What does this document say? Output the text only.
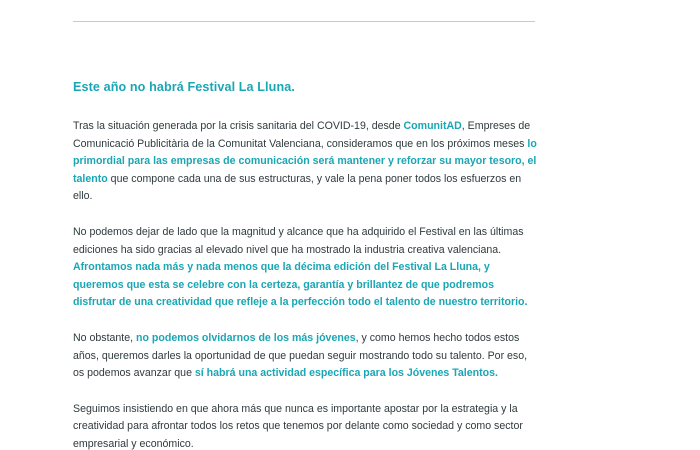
Este año no habrá Festival La Lluna.

Tras la situación generada por la crisis sanitaria del COVID-19, desde ComunitAD, Empreses de Comunicació Publicitària de la Comunitat Valenciana, consideramos que en los próximos meses lo primordial para las empresas de comunicación será mantener y reforzar su mayor tesoro, el talento que compone cada una de sus estructuras, y vale la pena poner todos los esfuerzos en ello.

No podemos dejar de lado que la magnitud y alcance que ha adquirido el Festival en las últimas ediciones ha sido gracias al elevado nivel que ha mostrado la industria creativa valenciana. Afrontamos nada más y nada menos que la décima edición del Festival La Lluna, y queremos que esta se celebre con la certeza, garantía y brillantez de que podremos disfrutar de una creatividad que refleje a la perfección todo el talento de nuestro territorio.

No obstante, no podemos olvidarnos de los más jóvenes, y como hemos hecho todos estos años, queremos darles la oportunidad de que puedan seguir mostrando todo su talento. Por eso, os podemos avanzar que sí habrá una actividad específica para los Jóvenes Talentos.

Seguimos insistiendo en que ahora más que nunca es importante apostar por la estrategia y la creatividad para afrontar todos los retos que tenemos por delante como sociedad y como sector empresarial y económico.
